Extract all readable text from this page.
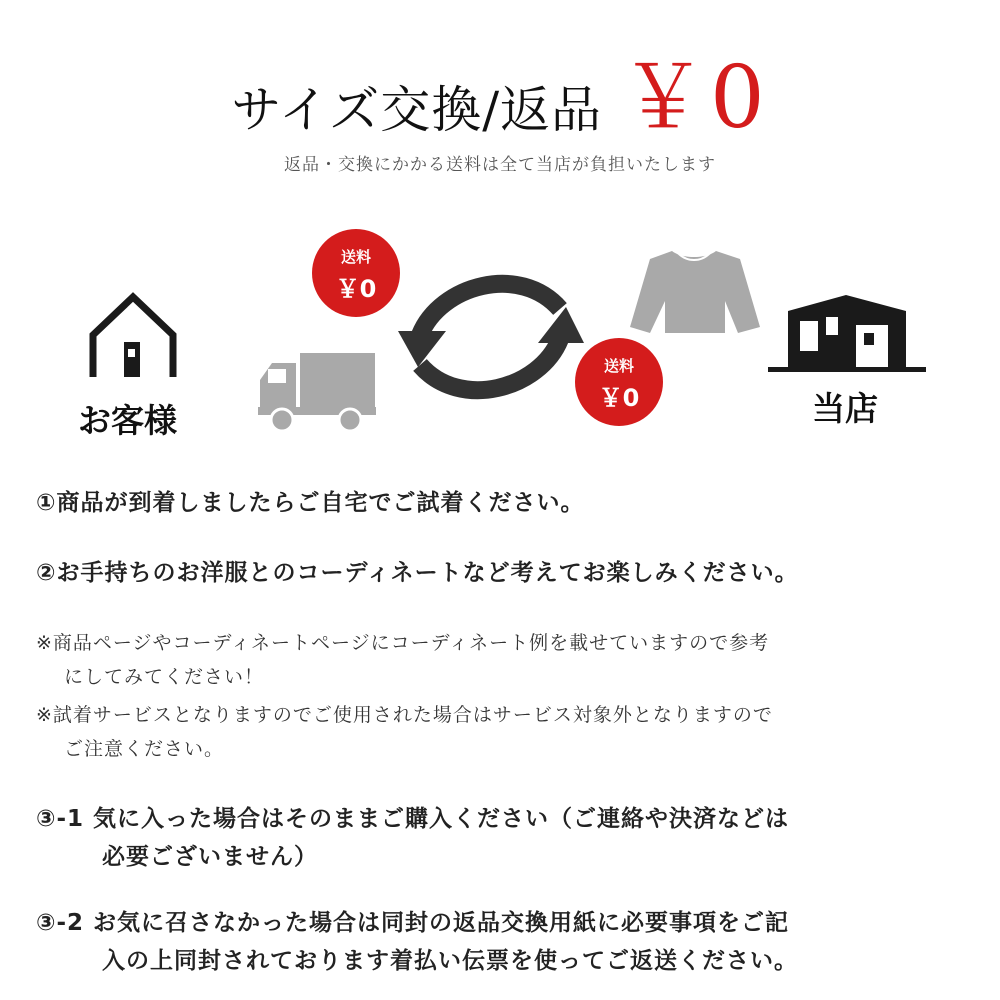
サイズ交換/返品 ￥0
返品・交換にかかる送料は全て当店が負担いたします
送料
￥0
送料
￥0
お客様	当店
①商品が到着しましたらご自宅でご試着ください。
②お手持ちのお洋服とのコーディネートなど考えてお楽しみください。
※商品ページやコーディネートページにコーディネート例を載せていますので参考
にしてみてください！
※試着サービスとなりますのでご使用された場合はサービス対象外となりますので
ご注意ください。
③-1 気に入った場合はそのままご購入ください（ご連絡や決済などは
必要ございません）
③-2 お気に召さなかった場合は同封の返品交換用紙に必要事項をご記
入の上同封されております着払い伝票を使ってご返送ください。
